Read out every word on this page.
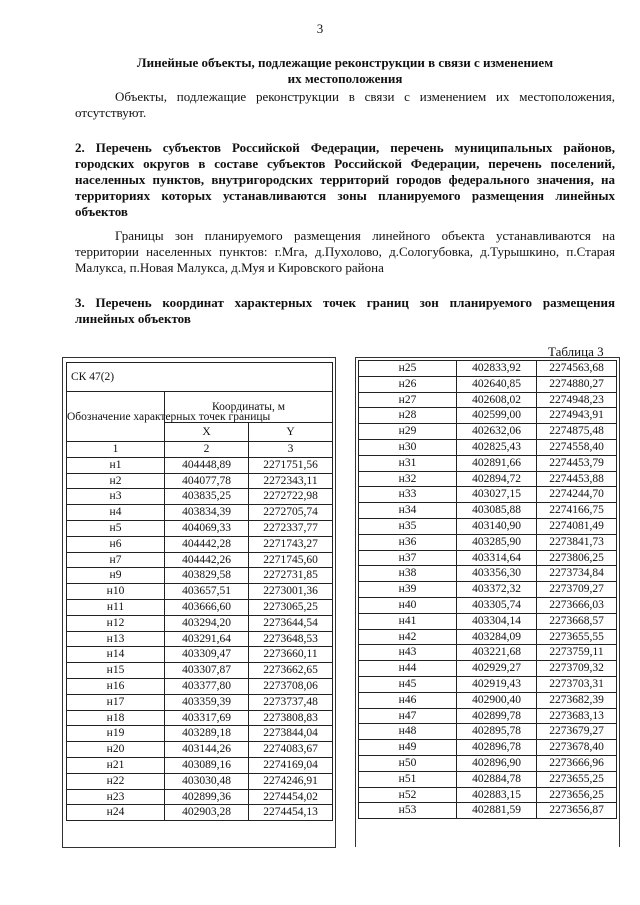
3
Линейные объекты, подлежащие реконструкции в связи с изменением
их местоположения
Объекты, подлежащие реконструкции в связи с изменением их местоположения, отсутствуют.
2. Перечень субъектов Российской Федерации, перечень муниципальных районов, городских округов в составе субъектов Российской Федерации, перечень поселений, населенных пунктов, внутригородских территорий городов федерального значения, на территориях которых устанавливаются зоны планируемого размещения линейных объектов
Границы зон планируемого размещения линейного объекта устанавливаются на территории населенных пунктов: г.Мга, д.Пухолово, д.Сологубовка, д.Турышкино, п.Старая Малукса, п.Новая Малукса, д.Муя и Кировского района
3. Перечень координат характерных точек границ зон планируемого размещения линейных объектов
Таблица 3
СК 47(2)		
Обозначение характерных точек границы	Координаты, м	
	X	Y
1	2	3
н1	404448,89	2271751,56
н2	404077,78	2272343,11
н3	403835,25	2272722,98
н4	403834,39	2272705,74
н5	404069,33	2272337,77
н6	404442,28	2271743,27
н7	404442,26	2271745,60
н9	403829,58	2272731,85
н10	403657,51	2273001,36
н11	403666,60	2273065,25
н12	403294,20	2273644,54
н13	403291,64	2273648,53
н14	403309,47	2273660,11
н15	403307,87	2273662,65
н16	403377,80	2273708,06
н17	403359,39	2273737,48
н18	403317,69	2273808,83
н19	403289,18	2273844,04
н20	403144,26	2274083,67
н21	403089,16	2274169,04
н22	403030,48	2274246,91
н23	402899,36	2274454,02
н24	402903,28	2274454,13
н25	402833,92	2274563,68
н26	402640,85	2274880,27
н27	402608,02	2274948,23
н28	402599,00	2274943,91
н29	402632,06	2274875,48
н30	402825,43	2274558,40
н31	402891,66	2274453,79
н32	402894,72	2274453,88
н33	403027,15	2274244,70
н34	403085,88	2274166,75
н35	403140,90	2274081,49
н36	403285,90	2273841,73
н37	403314,64	2273806,25
н38	403356,30	2273734,84
н39	403372,32	2273709,27
н40	403305,74	2273666,03
н41	403304,14	2273668,57
н42	403284,09	2273655,55
н43	403221,68	2273759,11
н44	402929,27	2273709,32
н45	402919,43	2273703,31
н46	402900,40	2273682,39
н47	402899,78	2273683,13
н48	402895,78	2273679,27
н49	402896,78	2273678,40
н50	402896,90	2273666,96
н51	402884,78	2273655,25
н52	402883,15	2273656,25
н53	402881,59	2273656,87
